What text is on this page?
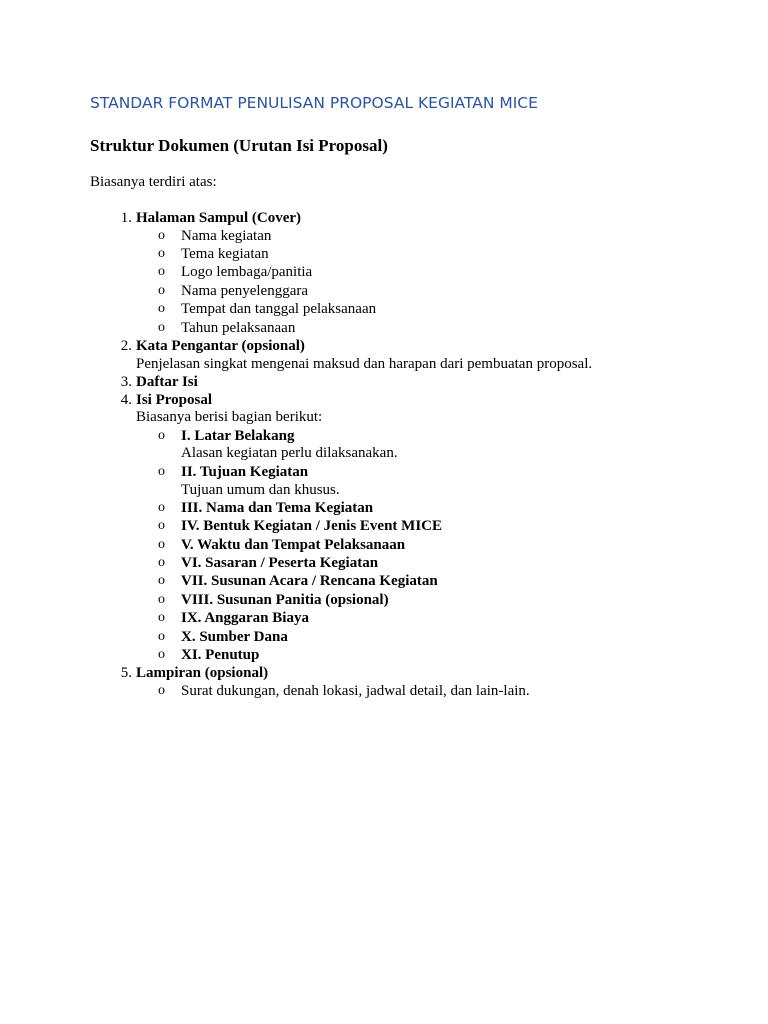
STANDAR FORMAT PENULISAN PROPOSAL KEGIATAN MICE
Struktur Dokumen (Urutan Isi Proposal)
Biasanya terdiri atas:
1. Halaman Sampul (Cover)
o Nama kegiatan
o Tema kegiatan
o Logo lembaga/panitia
o Nama penyelenggara
o Tempat dan tanggal pelaksanaan
o Tahun pelaksanaan
2. Kata Pengantar (opsional)
Penjelasan singkat mengenai maksud dan harapan dari pembuatan proposal.
3. Daftar Isi
4. Isi Proposal
Biasanya berisi bagian berikut:
o I. Latar Belakang
Alasan kegiatan perlu dilaksanakan.
o II. Tujuan Kegiatan
Tujuan umum dan khusus.
o III. Nama dan Tema Kegiatan
o IV. Bentuk Kegiatan / Jenis Event MICE
o V. Waktu dan Tempat Pelaksanaan
o VI. Sasaran / Peserta Kegiatan
o VII. Susunan Acara / Rencana Kegiatan
o VIII. Susunan Panitia (opsional)
o IX. Anggaran Biaya
o X. Sumber Dana
o XI. Penutup
5. Lampiran (opsional)
o Surat dukungan, denah lokasi, jadwal detail, dan lain-lain.
